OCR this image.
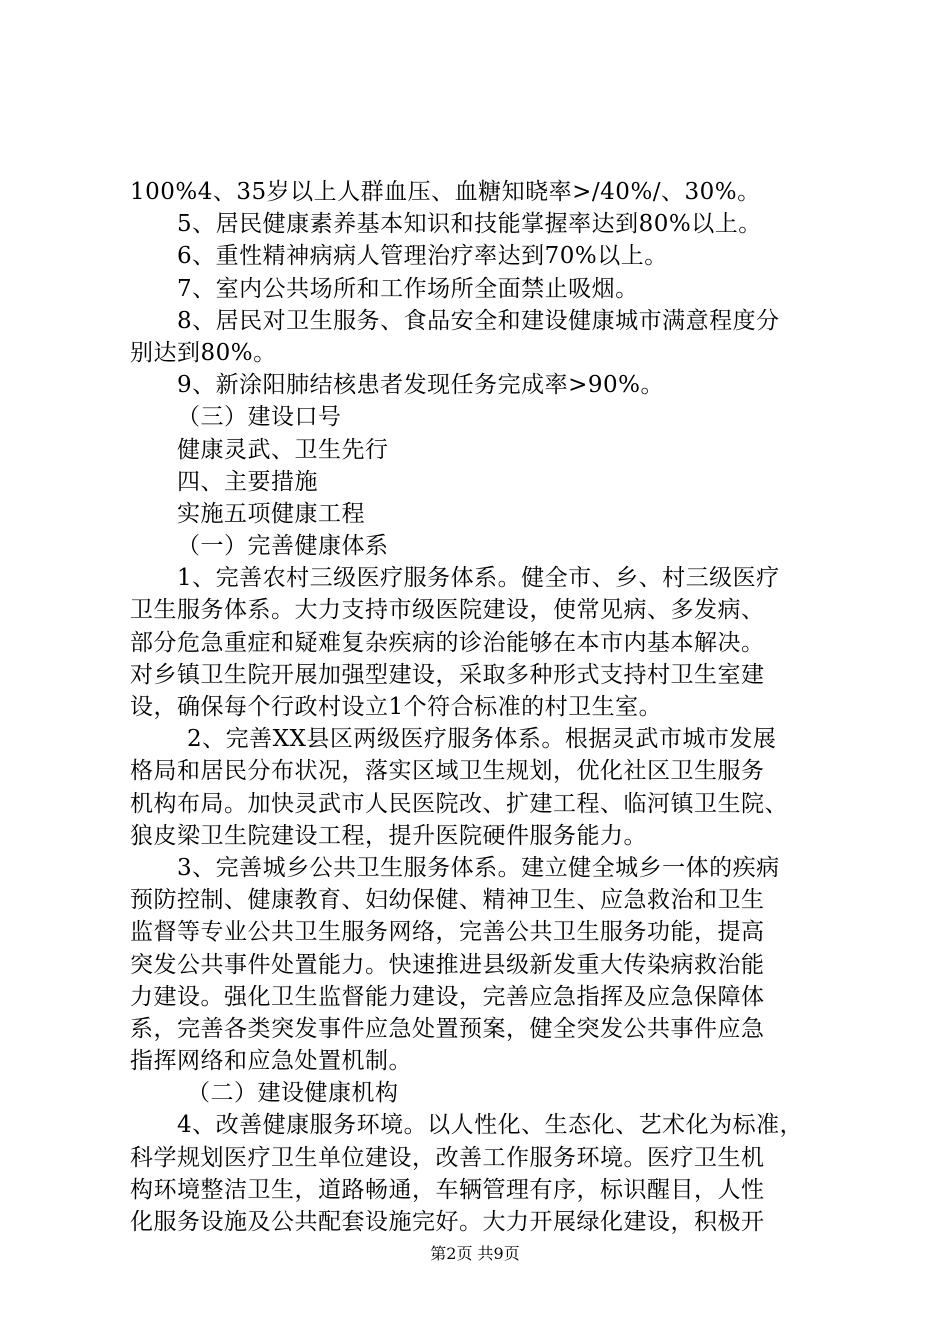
100%4、35岁以上人群血压、血糖知晓率>/40%/、30%。
5、居民健康素养基本知识和技能掌握率达到80%以上。
6、重性精神病病人管理治疗率达到70%以上。
7、室内公共场所和工作场所全面禁止吸烟。
8、居民对卫生服务、食品安全和建设健康城市满意程度分
别达到80%。
9、新涂阳肺结核患者发现任务完成率>90%。
（三）建设口号
健康灵武、卫生先行
四、主要措施
实施五项健康工程
（一）完善健康体系
1、完善农村三级医疗服务体系。健全市、乡、村三级医疗
卫生服务体系。大力支持市级医院建设，使常见病、多发病、
部分危急重症和疑难复杂疾病的诊治能够在本市内基本解决。
对乡镇卫生院开展加强型建设，采取多种形式支持村卫生室建
设，确保每个行政村设立1个符合标准的村卫生室。
2、完善XX县区两级医疗服务体系。根据灵武市城市发展
格局和居民分布状况，落实区域卫生规划，优化社区卫生服务
机构布局。加快灵武市人民医院改、扩建工程、临河镇卫生院、
狼皮梁卫生院建设工程，提升医院硬件服务能力。
3、完善城乡公共卫生服务体系。建立健全城乡一体的疾病
预防控制、健康教育、妇幼保健、精神卫生、应急救治和卫生
监督等专业公共卫生服务网络，完善公共卫生服务功能，提高
突发公共事件处置能力。快速推进县级新发重大传染病救治能
力建设。强化卫生监督能力建设，完善应急指挥及应急保障体
系，完善各类突发事件应急处置预案，健全突发公共事件应急
指挥网络和应急处置机制。
（二）建设健康机构
4、改善健康服务环境。以人性化、生态化、艺术化为标准，
科学规划医疗卫生单位建设，改善工作服务环境。医疗卫生机
构环境整洁卫生，道路畅通，车辆管理有序，标识醒目，人性
化服务设施及公共配套设施完好。大力开展绿化建设，积极开
第2页 共9页
